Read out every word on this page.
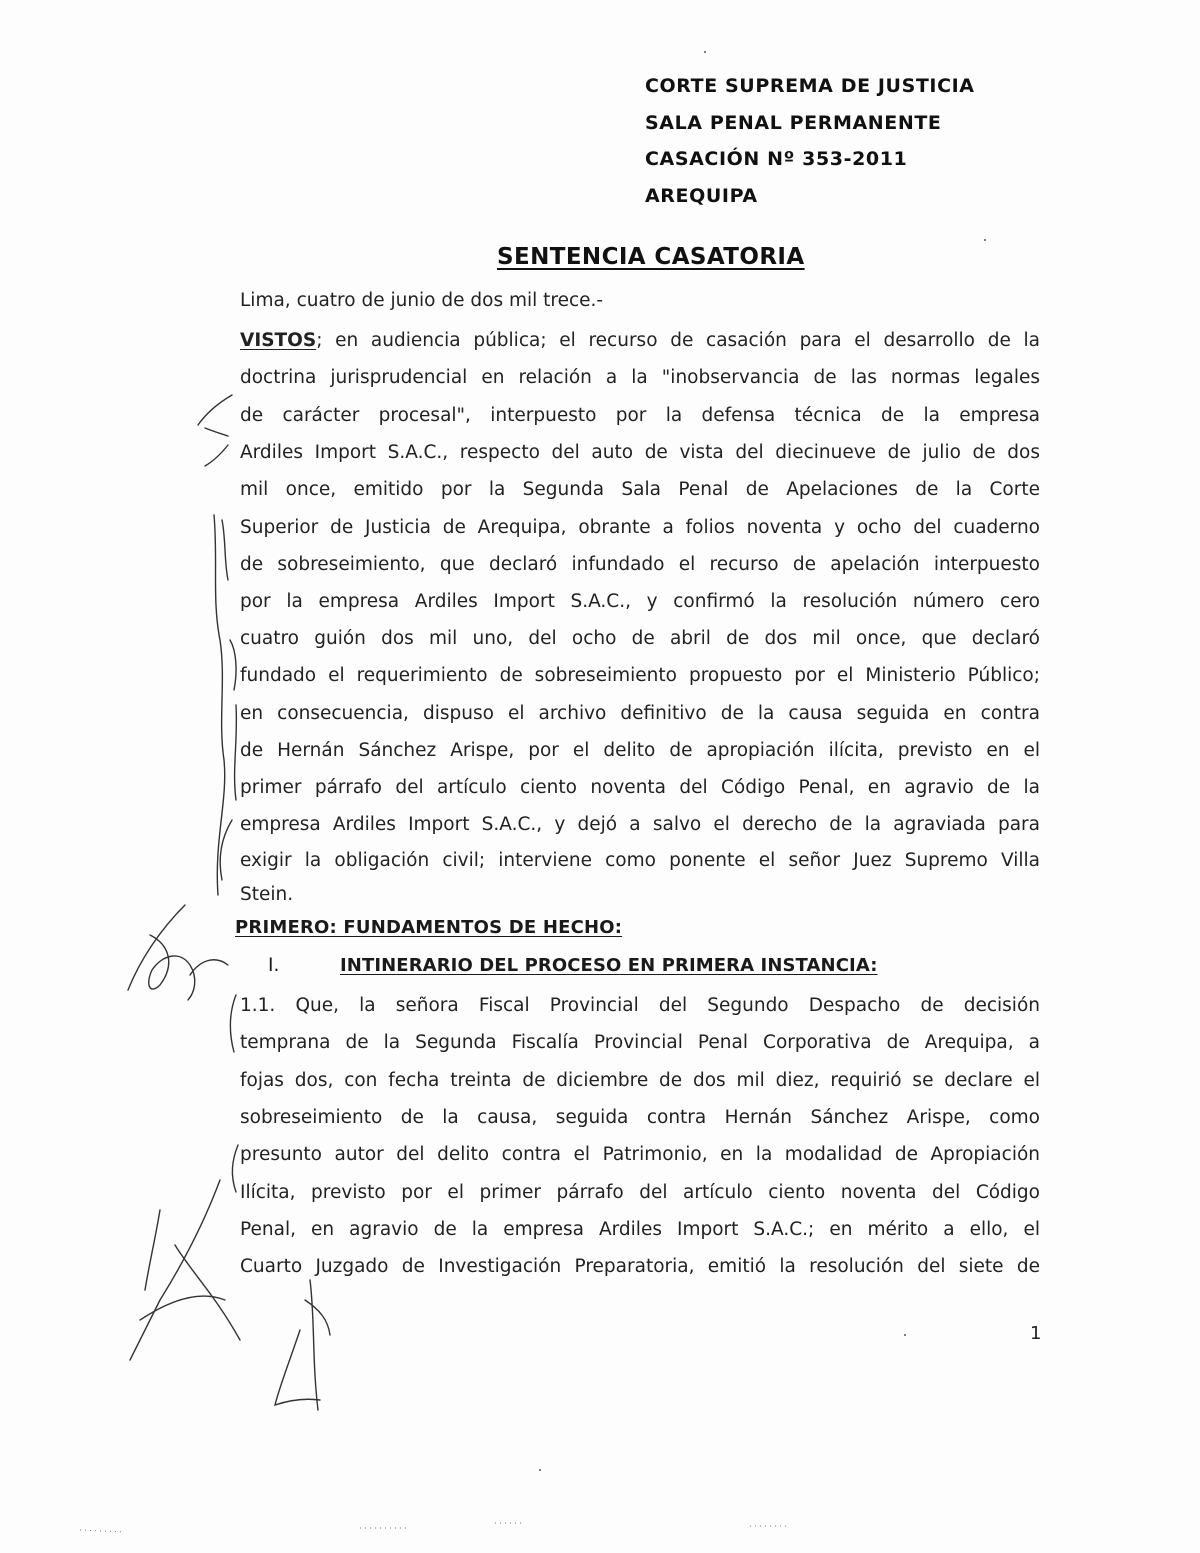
CORTE SUPREMA DE JUSTICIA
SALA PENAL PERMANENTE
CASACIÓN Nº 353-2011
AREQUIPA
SENTENCIA CASATORIA
Lima, cuatro de junio de dos mil trece.-
VISTOS; en audiencia pública; el recurso de casación para el desarrollo de la
doctrina jurisprudencial en relación a la "inobservancia de las normas legales
de carácter procesal", interpuesto por la defensa técnica de la empresa
Ardiles Import S.A.C., respecto del auto de vista del diecinueve de julio de dos
mil once, emitido por la Segunda Sala Penal de Apelaciones de la Corte
Superior de Justicia de Arequipa, obrante a folios noventa y ocho del cuaderno
de sobreseimiento, que declaró infundado el recurso de apelación interpuesto
por la empresa Ardiles Import S.A.C., y confirmó la resolución número cero
cuatro guión dos mil uno, del ocho de abril de dos mil once, que declaró
fundado el requerimiento de sobreseimiento propuesto por el Ministerio Público;
en consecuencia, dispuso el archivo definitivo de la causa seguida en contra
de Hernán Sánchez Arispe, por el delito de apropiación ilícita, previsto en el
primer párrafo del artículo ciento noventa del Código Penal, en agravio de la
empresa Ardiles Import S.A.C., y dejó a salvo el derecho de la agraviada para
exigir la obligación civil; interviene como ponente el señor Juez Supremo Villa
Stein.
PRIMERO: FUNDAMENTOS DE HECHO:
I.	INTINERARIO DEL PROCESO EN PRIMERA INSTANCIA:
1.1. Que, la señora Fiscal Provincial del Segundo Despacho de decisión
temprana de la Segunda Fiscalía Provincial Penal Corporativa de Arequipa, a
fojas dos, con fecha treinta de diciembre de dos mil diez, requirió se declare el
sobreseimiento de la causa, seguida contra Hernán Sánchez Arispe, como
presunto autor del delito contra el Patrimonio, en la modalidad de Apropiación
Ilícita, previsto por el primer párrafo del artículo ciento noventa del Código
Penal, en agravio de la empresa Ardiles Import S.A.C.; en mérito a ello, el
Cuarto Juzgado de Investigación Preparatoria, emitió la resolución del siete de
1
